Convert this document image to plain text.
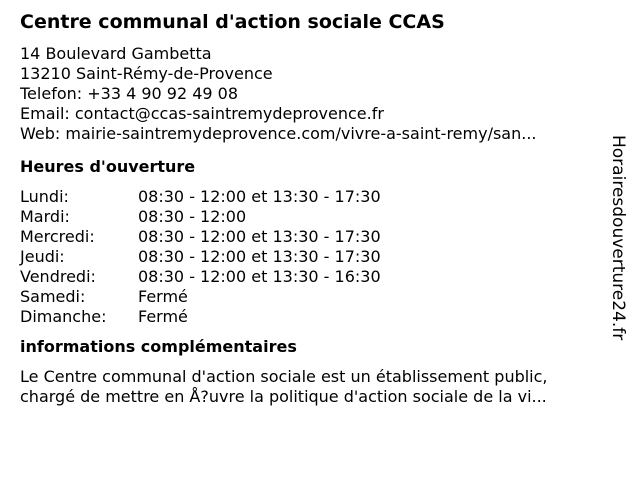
Centre communal d'action sociale CCAS
14 Boulevard Gambetta
13210 Saint-Rémy-de-Provence
Telefon: +33 4 90 92 49 08
Email: contact@ccas-saintremydeprovence.fr
Web: mairie-saintremydeprovence.com/vivre-a-saint-remy/san...
Heures d'ouverture
Lundi:	08:30 - 12:00 et 13:30 - 17:30
Mardi:	08:30 - 12:00
Mercredi:	08:30 - 12:00 et 13:30 - 17:30
Jeudi:	08:30 - 12:00 et 13:30 - 17:30
Vendredi:	08:30 - 12:00 et 13:30 - 16:30
Samedi:	Fermé
Dimanche:	Fermé
informations complémentaires
Le Centre communal d'action sociale est un établissement public,
chargé de mettre en Å?uvre la politique d'action sociale de la vi...
Horairesdouverture24.fr
